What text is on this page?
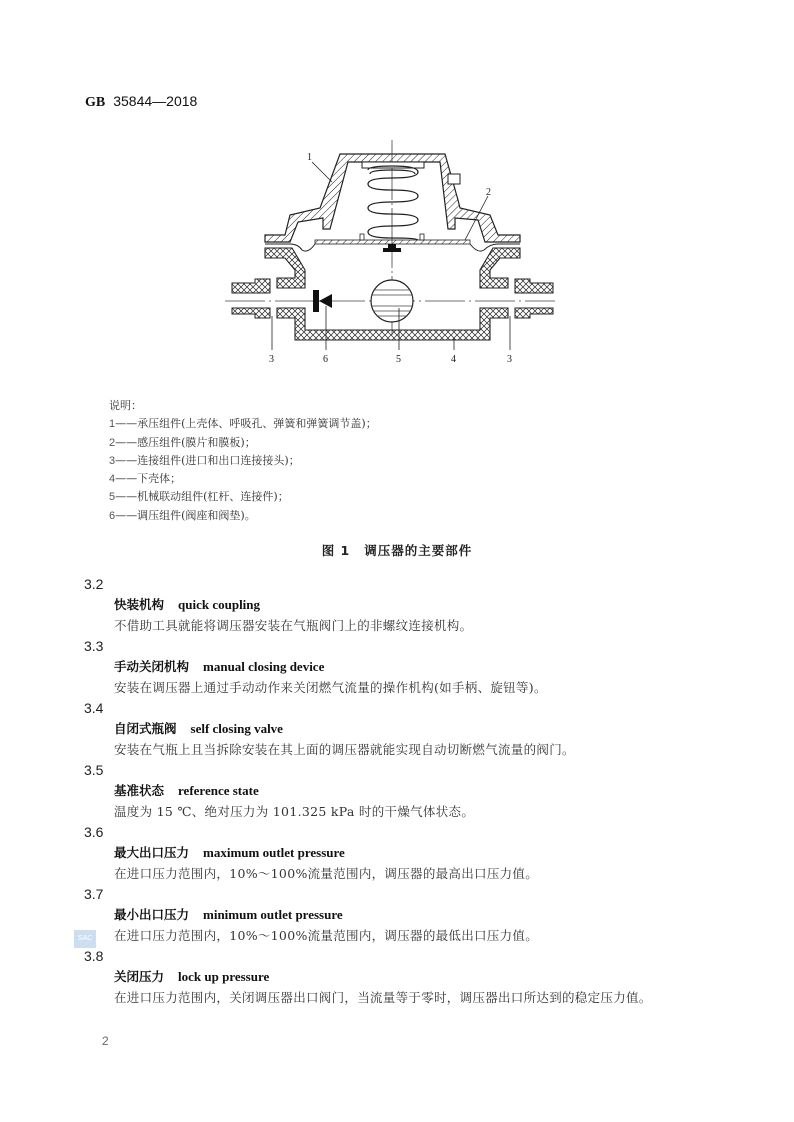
GB 35844—2018
1
2
3	6	5	4	3
说明：
1——承压组件(上壳体、呼吸孔、弹簧和弹簧调节盖)；
2——感压组件(膜片和膜板)；
3——连接组件(进口和出口连接接头)；
4——下壳体；
5——机械联动组件(杠杆、连接件)；
6——调压组件(阀座和阀垫)。
图 1 调压器的主要部件
3.2
快装机构 quick coupling
不借助工具就能将调压器安装在气瓶阀门上的非螺纹连接机构。
3.3
手动关闭机构 manual closing device
安装在调压器上通过手动动作来关闭燃气流量的操作机构(如手柄、旋钮等)。
3.4
自闭式瓶阀 self closing valve
安装在气瓶上且当拆除安装在其上面的调压器就能实现自动切断燃气流量的阀门。
3.5
基准状态 reference state
温度为 15 ℃、绝对压力为 101.325 kPa 时的干燥气体状态。
3.6
最大出口压力 maximum outlet pressure
在进口压力范围内，10%～100%流量范围内，调压器的最高出口压力值。
3.7
最小出口压力 minimum outlet pressure
在进口压力范围内，10%～100%流量范围内，调压器的最低出口压力值。
3.8
关闭压力 lock up pressure
在进口压力范围内，关闭调压器出口阀门，当流量等于零时，调压器出口所达到的稳定压力值。
SAC
2
